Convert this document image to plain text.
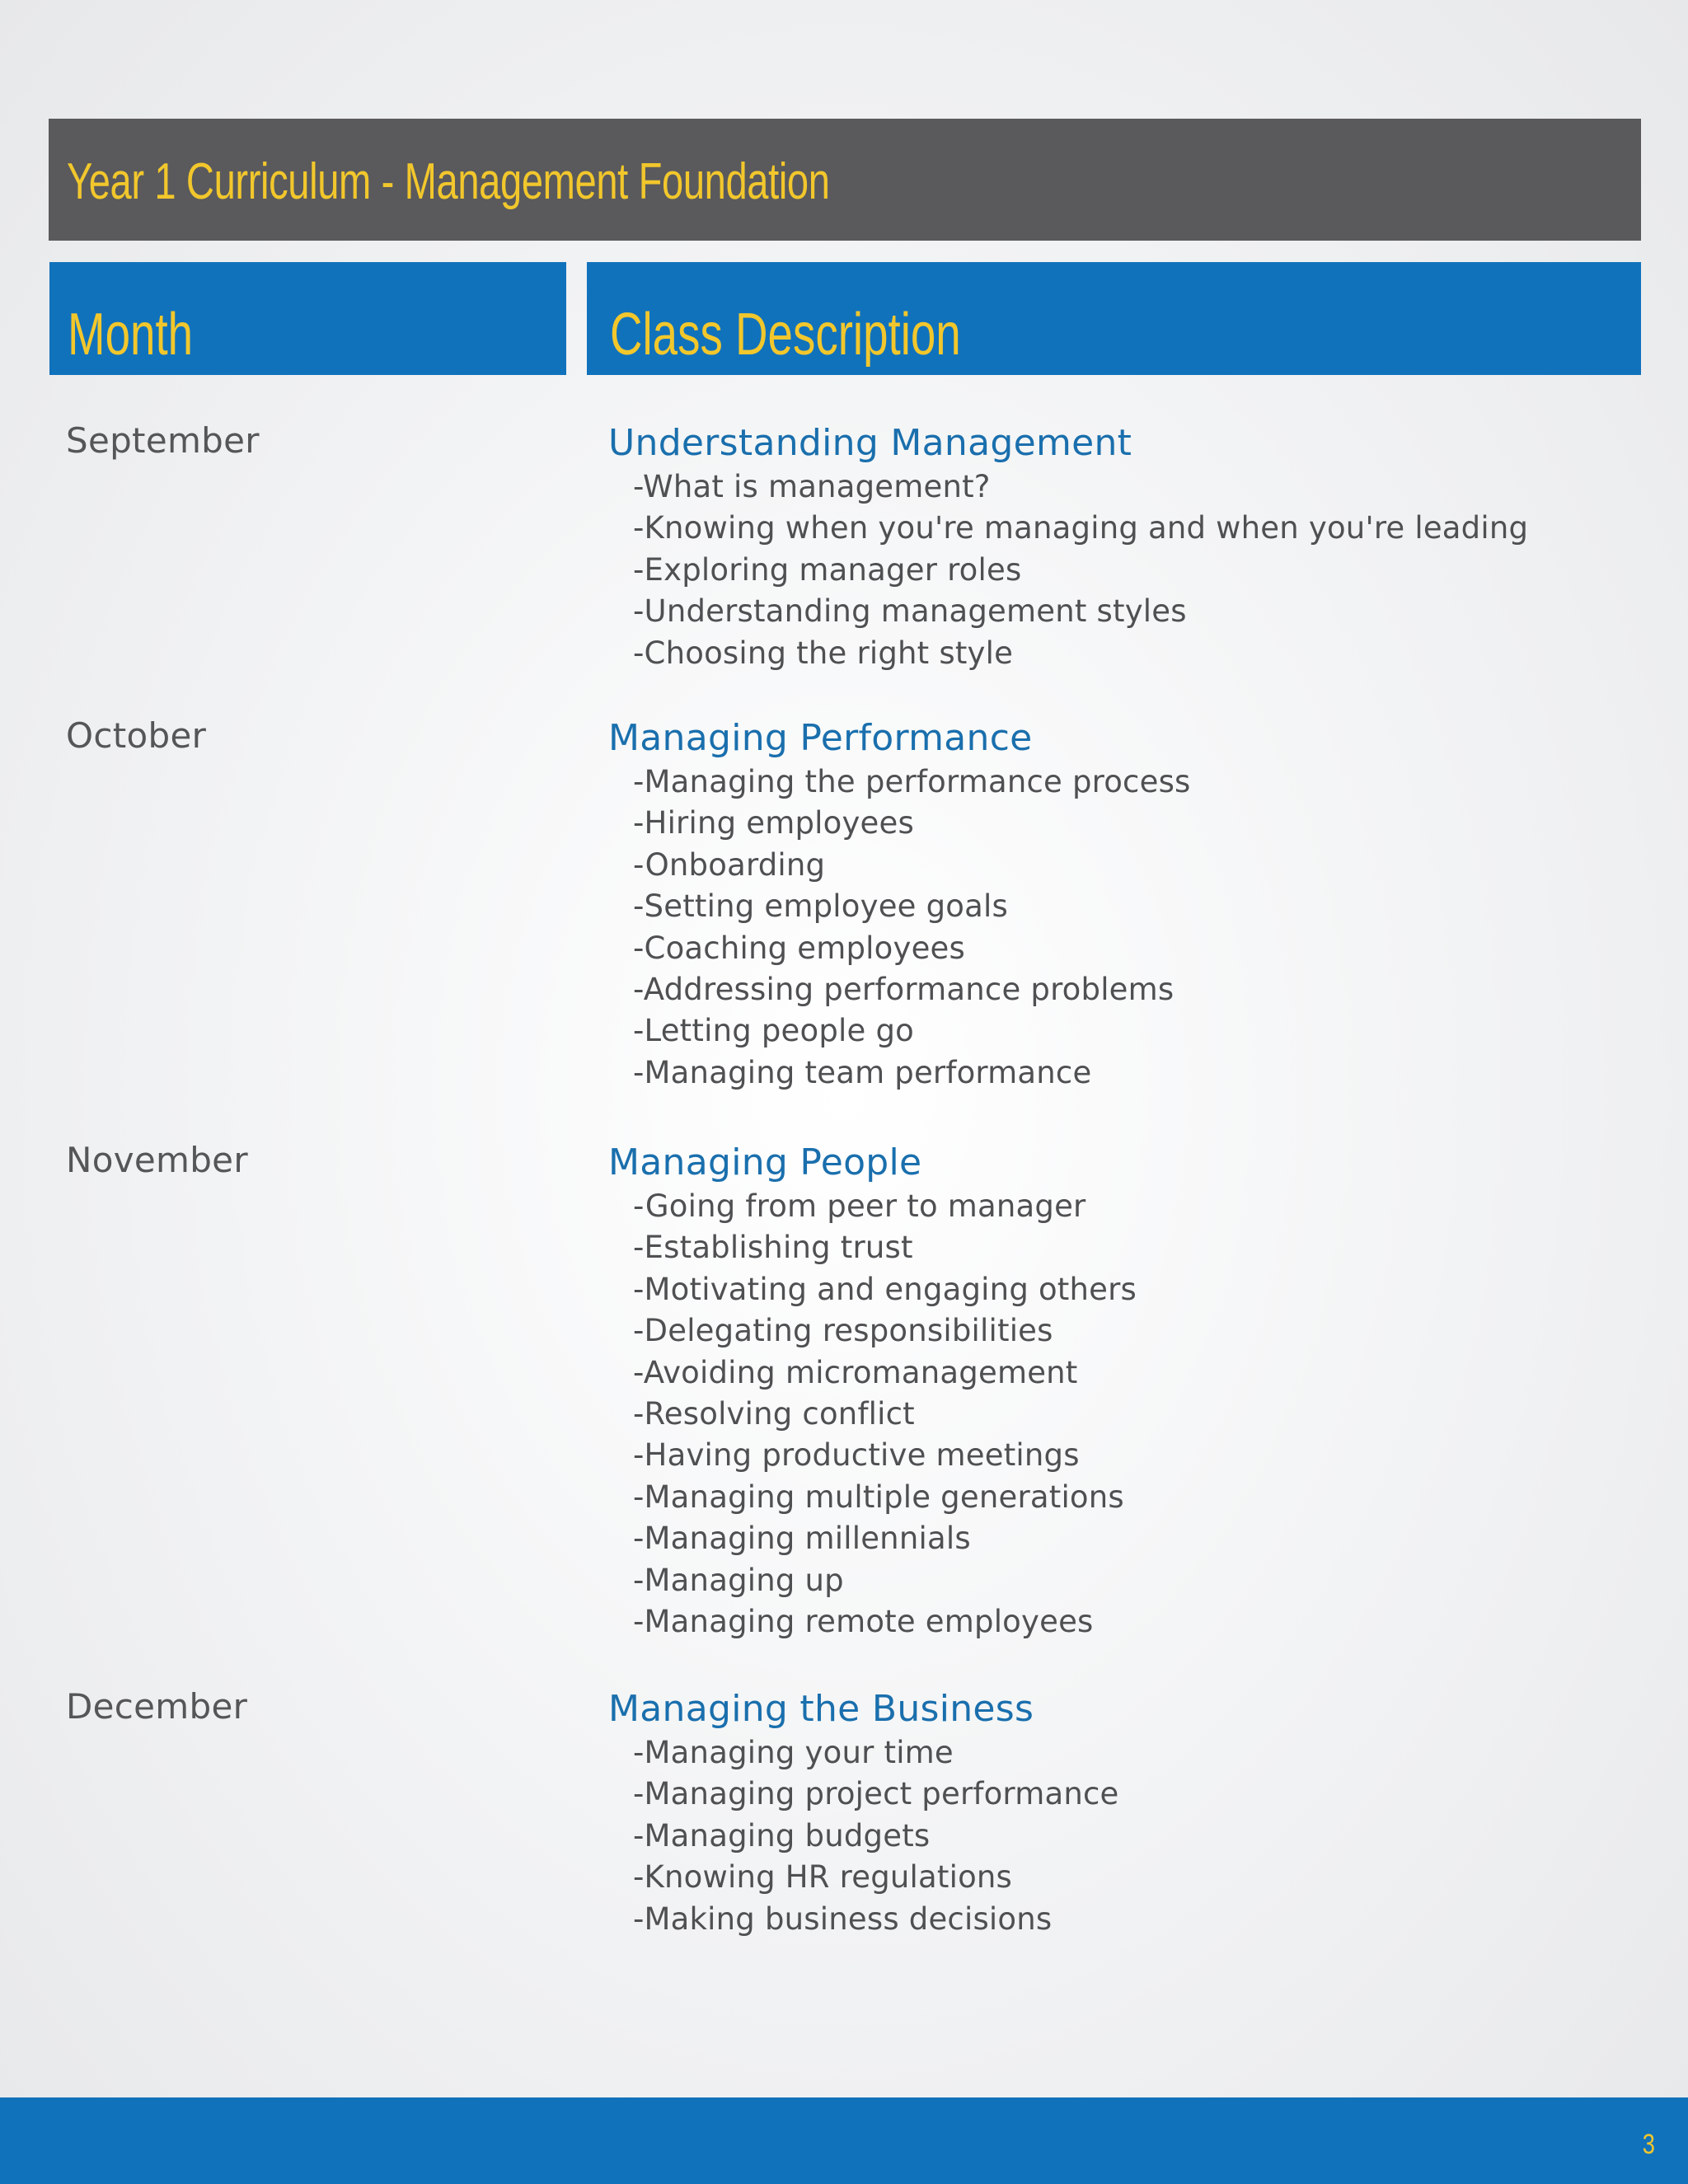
Year 1 Curriculum - Management Foundation
Month	Class Description
September	Understanding Management
-What is management?
-Knowing when you're managing and when you're leading
-Exploring manager roles
-Understanding management styles
-Choosing the right style
October	Managing Performance
-Managing the performance process
-Hiring employees
-Onboarding
-Setting employee goals
-Coaching employees
-Addressing performance problems
-Letting people go
-Managing team performance
November	Managing People
-Going from peer to manager
-Establishing trust
-Motivating and engaging others
-Delegating responsibilities
-Avoiding micromanagement
-Resolving conflict
-Having productive meetings
-Managing multiple generations
-Managing millennials
-Managing up
-Managing remote employees
December	Managing the Business
-Managing your time
-Managing project performance
-Managing budgets
-Knowing HR regulations
-Making business decisions
3
